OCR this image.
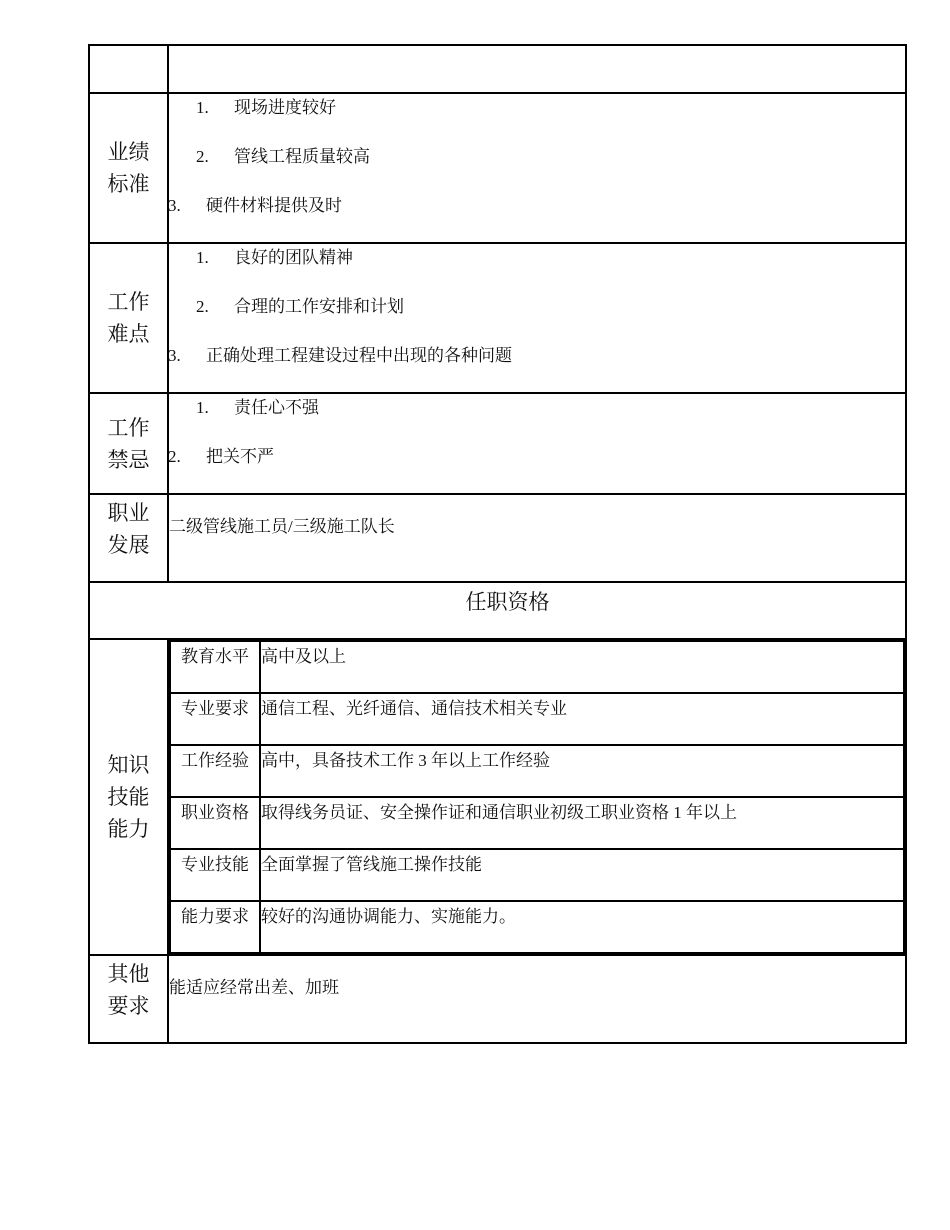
业绩标准	
1. 现场进度较好
2. 管线工程质量较高
3. 硬件材料提供及时

工作难点	
1. 良好的团队精神
2. 合理的工作安排和计划
3. 正确处理工程建设过程中出现的各种问题

工作禁忌	
1. 责任心不强
2. 把关不严

职业发展	二级管线施工员/三级施工队长
任职资格
知识技能能力	
教育水平	高中及以上
专业要求	通信工程、光纤通信、通信技术相关专业
工作经验	高中，具备技术工作 3 年以上工作经验
职业资格	取得线务员证、安全操作证和通信职业初级工职业资格 1 年以上
专业技能	全面掌握了管线施工操作技能
能力要求	较好的沟通协调能力、实施能力。

其他要求	能适应经常出差、加班
